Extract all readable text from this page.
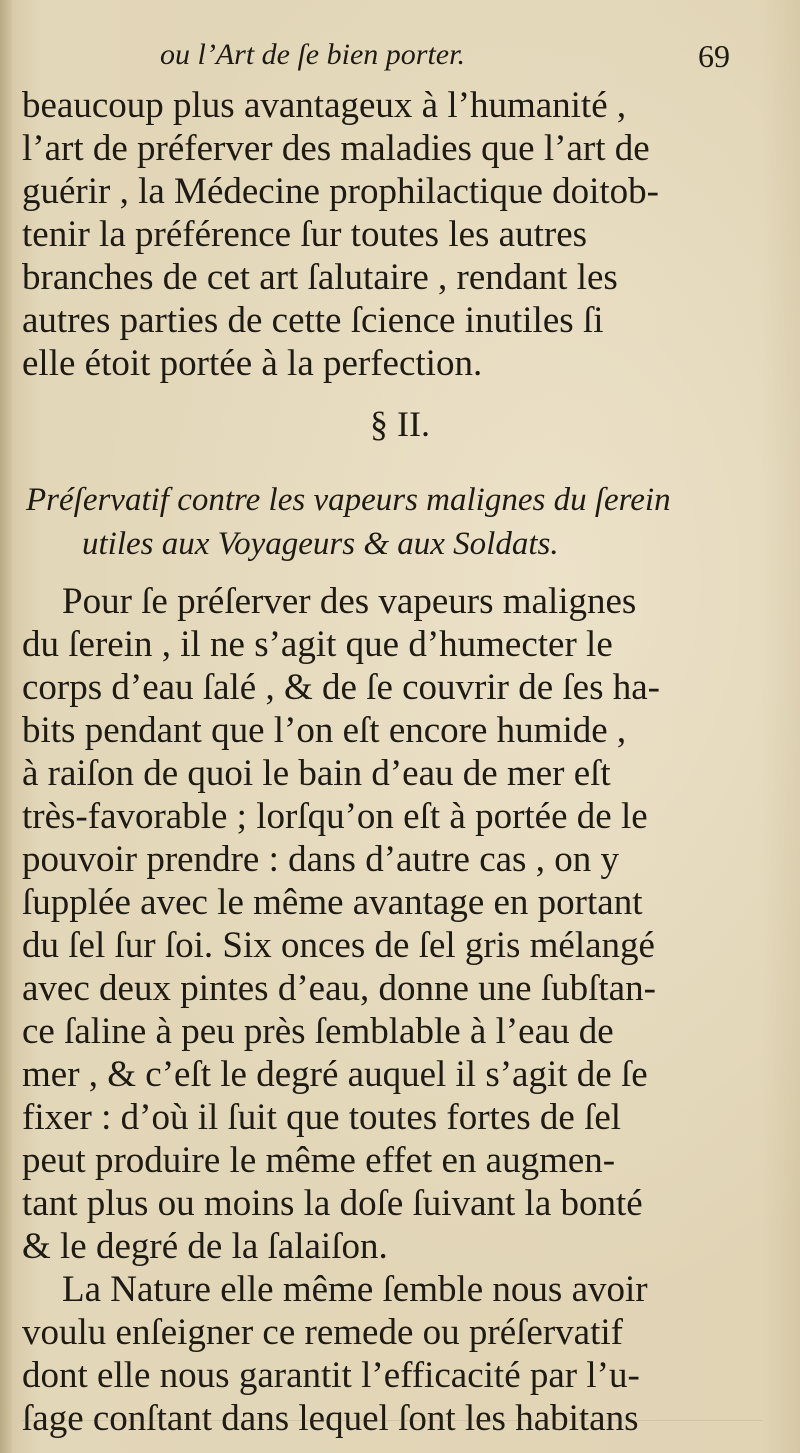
ou l’Art de ſe bien porter.	69
beaucoup plus avantageux à l’humanité ,
l’art de préferver des maladies que l’art de
guérir , la Médecine prophilactique doitob-
tenir la préférence ſur toutes les autres
branches de cet art ſalutaire , rendant les
autres parties de cette ſcience inutiles ſi
elle étoit portée à la perfection.
§ II.
Préſervatif contre les vapeurs malignes du ſerein
utiles aux Voyageurs & aux Soldats.
Pour ſe préſerver des vapeurs malignes
du ſerein , il ne s’agit que d’humecter le
corps d’eau ſalé , & de ſe couvrir de ſes ha-
bits pendant que l’on eſt encore humide ,
à raiſon de quoi le bain d’eau de mer eſt
très-favorable ; lorſqu’on eſt à portée de le
pouvoir prendre : dans d’autre cas , on y
ſupplée avec le même avantage en portant
du ſel ſur ſoi. Six onces de ſel gris mélangé
avec deux pintes d’eau, donne une ſubſtan-
ce ſaline à peu près ſemblable à l’eau de
mer , & c’eſt le degré auquel il s’agit de ſe
fixer : d’où il ſuit que toutes fortes de ſel
peut produire le même effet en augmen-
tant plus ou moins la doſe ſuivant la bonté
& le degré de la ſalaiſon.
La Nature elle même ſemble nous avoir
voulu enſeigner ce remede ou préſervatif
dont elle nous garantit l’efficacité par l’u-
ſage conſtant dans lequel ſont les habitans
